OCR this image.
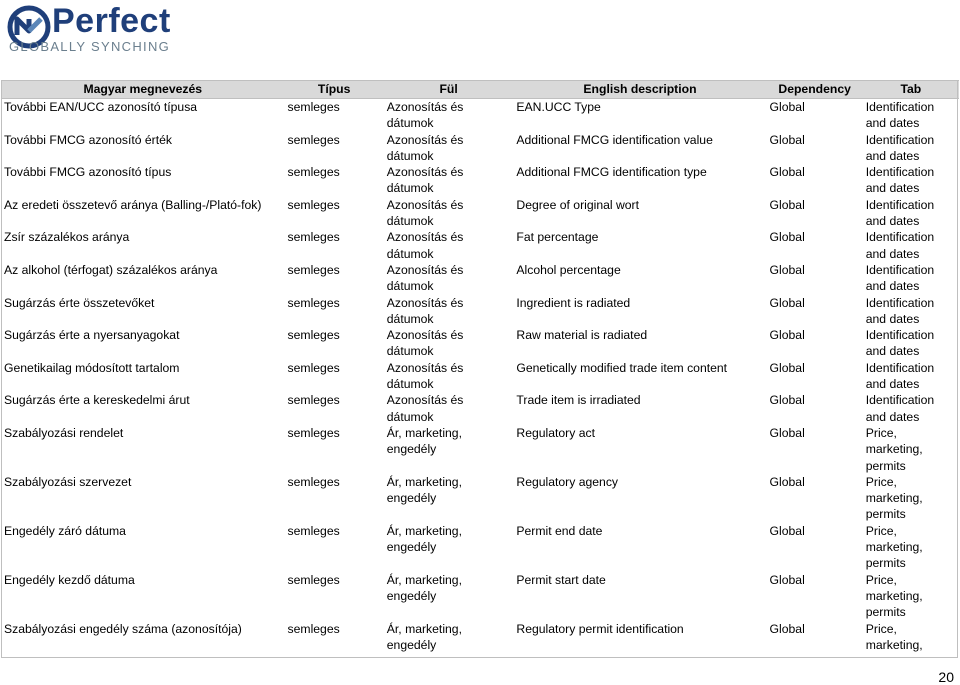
Perfect
GLOBALLY SYNCHING
Magyar megnevezés	Típus	Fül	English description	Dependency	Tab
További EAN/UCC azonosító típusa	semleges	Azonosítás és dátumok	EAN.UCC Type	Global	Identification and dates
További FMCG azonosító érték	semleges	Azonosítás és dátumok	Additional FMCG identification value	Global	Identification and dates
További FMCG azonosító típus	semleges	Azonosítás és dátumok	Additional FMCG identification type	Global	Identification and dates
Az eredeti összetevő aránya (Balling-/Plató-fok)	semleges	Azonosítás és dátumok	Degree of original wort	Global	Identification and dates
Zsír százalékos aránya	semleges	Azonosítás és dátumok	Fat percentage	Global	Identification and dates
Az alkohol (térfogat) százalékos aránya	semleges	Azonosítás és dátumok	Alcohol percentage	Global	Identification and dates
Sugárzás érte összetevőket	semleges	Azonosítás és dátumok	Ingredient is radiated	Global	Identification and dates
Sugárzás érte a nyersanyagokat	semleges	Azonosítás és dátumok	Raw material is radiated	Global	Identification and dates
Genetikailag módosított tartalom	semleges	Azonosítás és dátumok	Genetically modified trade item content	Global	Identification and dates
Sugárzás érte a kereskedelmi árut	semleges	Azonosítás és dátumok	Trade item is irradiated	Global	Identification and dates
Szabályozási rendelet	semleges	Ár, marketing, engedély	Regulatory act	Global	Price, marketing, permits
Szabályozási szervezet	semleges	Ár, marketing, engedély	Regulatory agency	Global	Price, marketing, permits
Engedély záró dátuma	semleges	Ár, marketing, engedély	Permit end date	Global	Price, marketing, permits
Engedély kezdő dátuma	semleges	Ár, marketing, engedély	Permit start date	Global	Price, marketing, permits
Szabályozási engedély száma (azonosítója)	semleges	Ár, marketing, engedély	Regulatory permit identification	Global	Price, marketing,
20
